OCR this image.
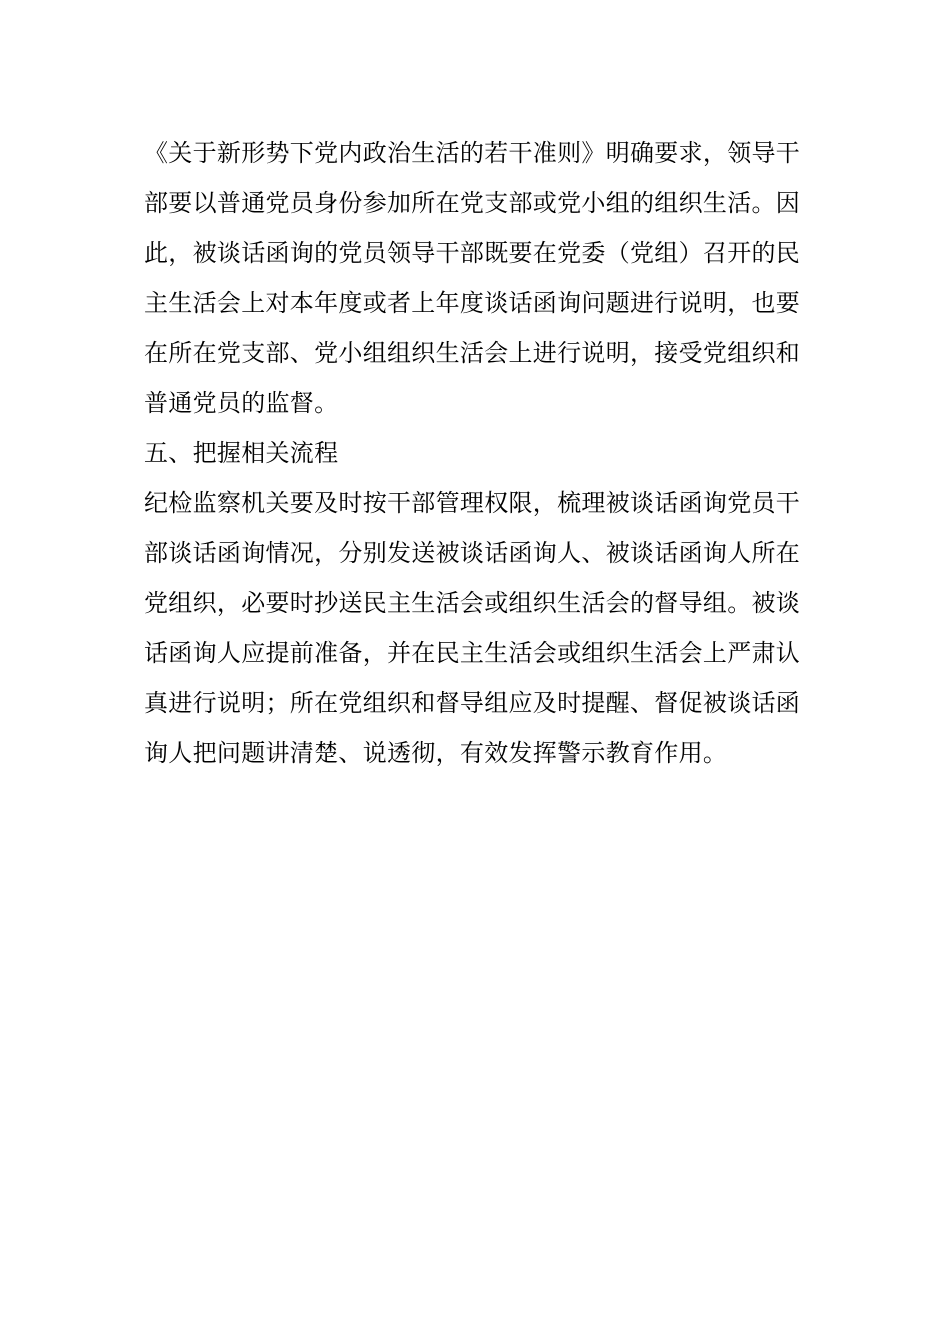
《关于新形势下党内政治生活的若干准则》明确要求，领导干
部要以普通党员身份参加所在党支部或党小组的组织生活。因
此，被谈话函询的党员领导干部既要在党委（党组）召开的民
主生活会上对本年度或者上年度谈话函询问题进行说明，也要
在所在党支部、党小组组织生活会上进行说明，接受党组织和
普通党员的监督。

五、把握相关流程

纪检监察机关要及时按干部管理权限，梳理被谈话函询党员干
部谈话函询情况，分别发送被谈话函询人、被谈话函询人所在
党组织，必要时抄送民主生活会或组织生活会的督导组。被谈
话函询人应提前准备，并在民主生活会或组织生活会上严肃认
真进行说明；所在党组织和督导组应及时提醒、督促被谈话函
询人把问题讲清楚、说透彻，有效发挥警示教育作用。
